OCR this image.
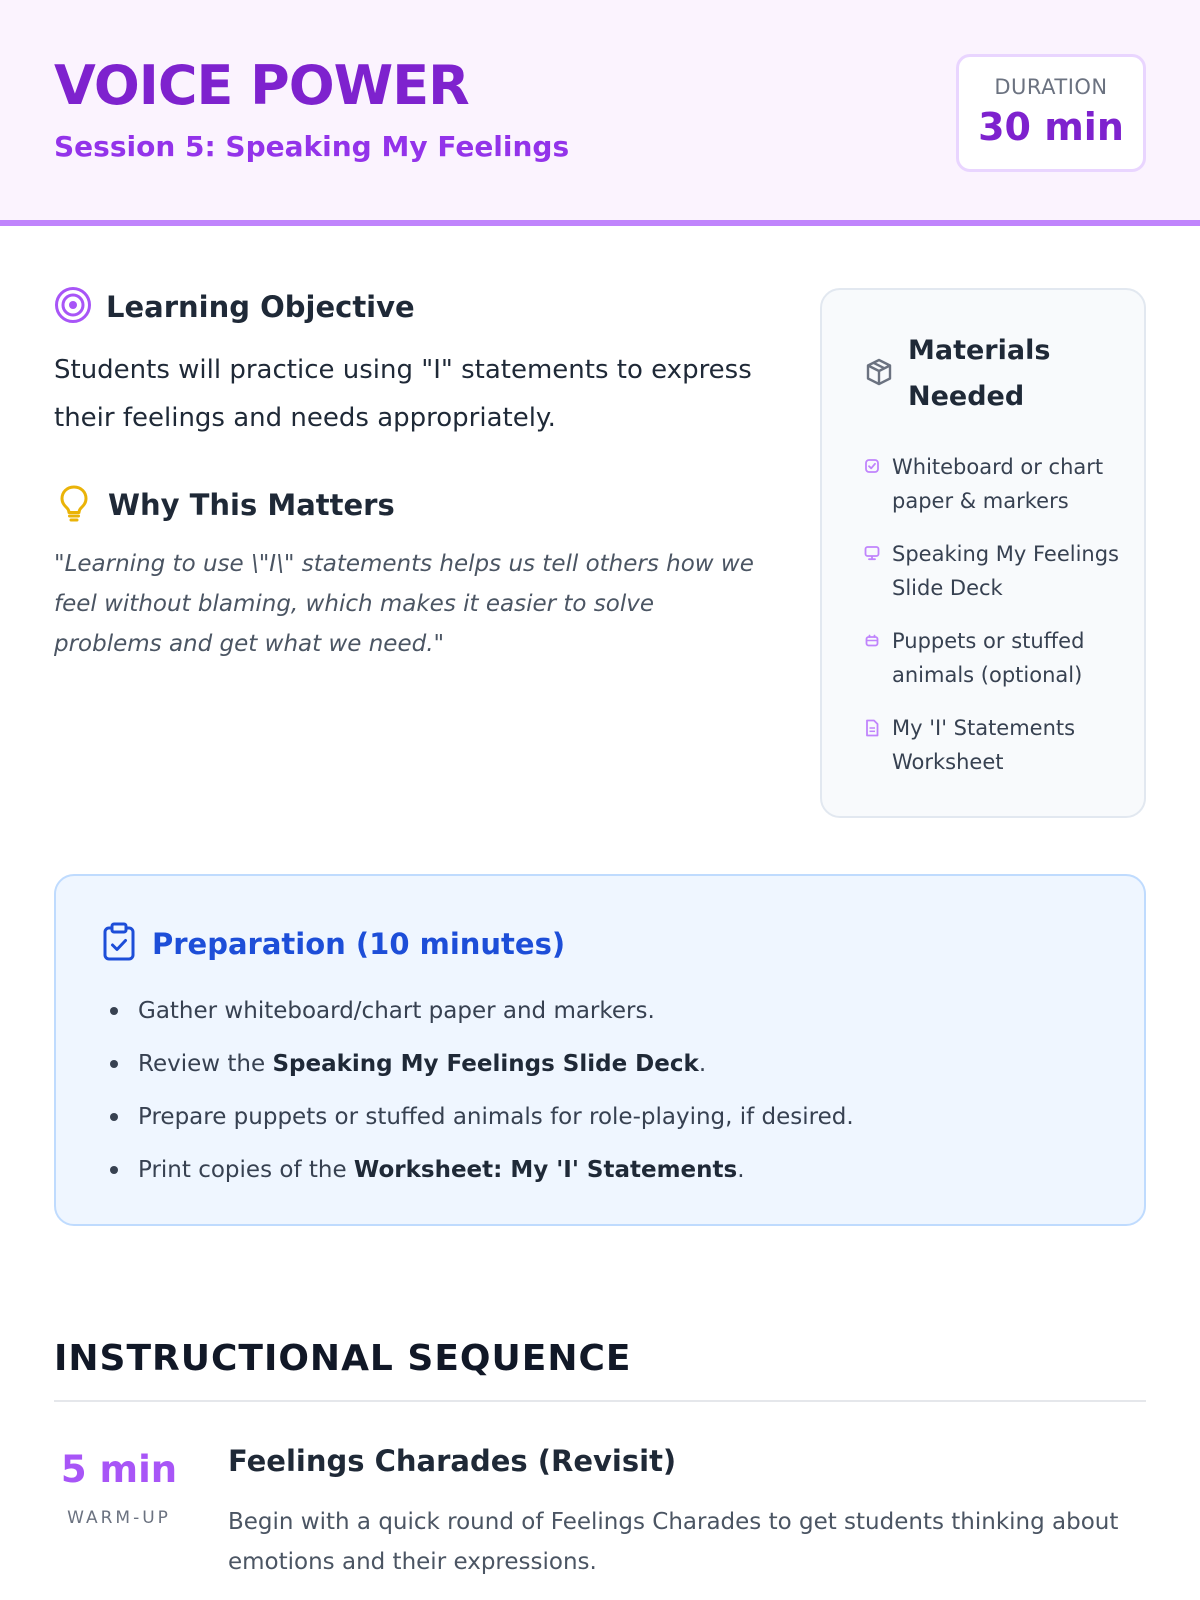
VOICE POWER
Session 5: Speaking My Feelings
DURATION
30 min
Learning Objective

Students will practice using "I" statements to express their feelings and needs appropriately.

Why This Matters

"Learning to use \"I\" statements helps us tell others how we feel without blaming, which makes it easier to solve problems and get what we need."

Materials Needed
Whiteboard or chart paper & markers
Speaking My Feelings Slide Deck
Puppets or stuffed animals (optional)
My 'I' Statements Worksheet
Preparation (10 minutes)
Gather whiteboard/chart paper and markers.
Review the Speaking My Feelings Slide Deck.
Prepare puppets or stuffed animals for role-playing, if desired.
Print copies of the Worksheet: My 'I' Statements.
INSTRUCTIONAL SEQUENCE
5 min
WARM-UP
Feelings Charades (Revisit)

Begin with a quick round of Feelings Charades to get students thinking about emotions and their expressions.
